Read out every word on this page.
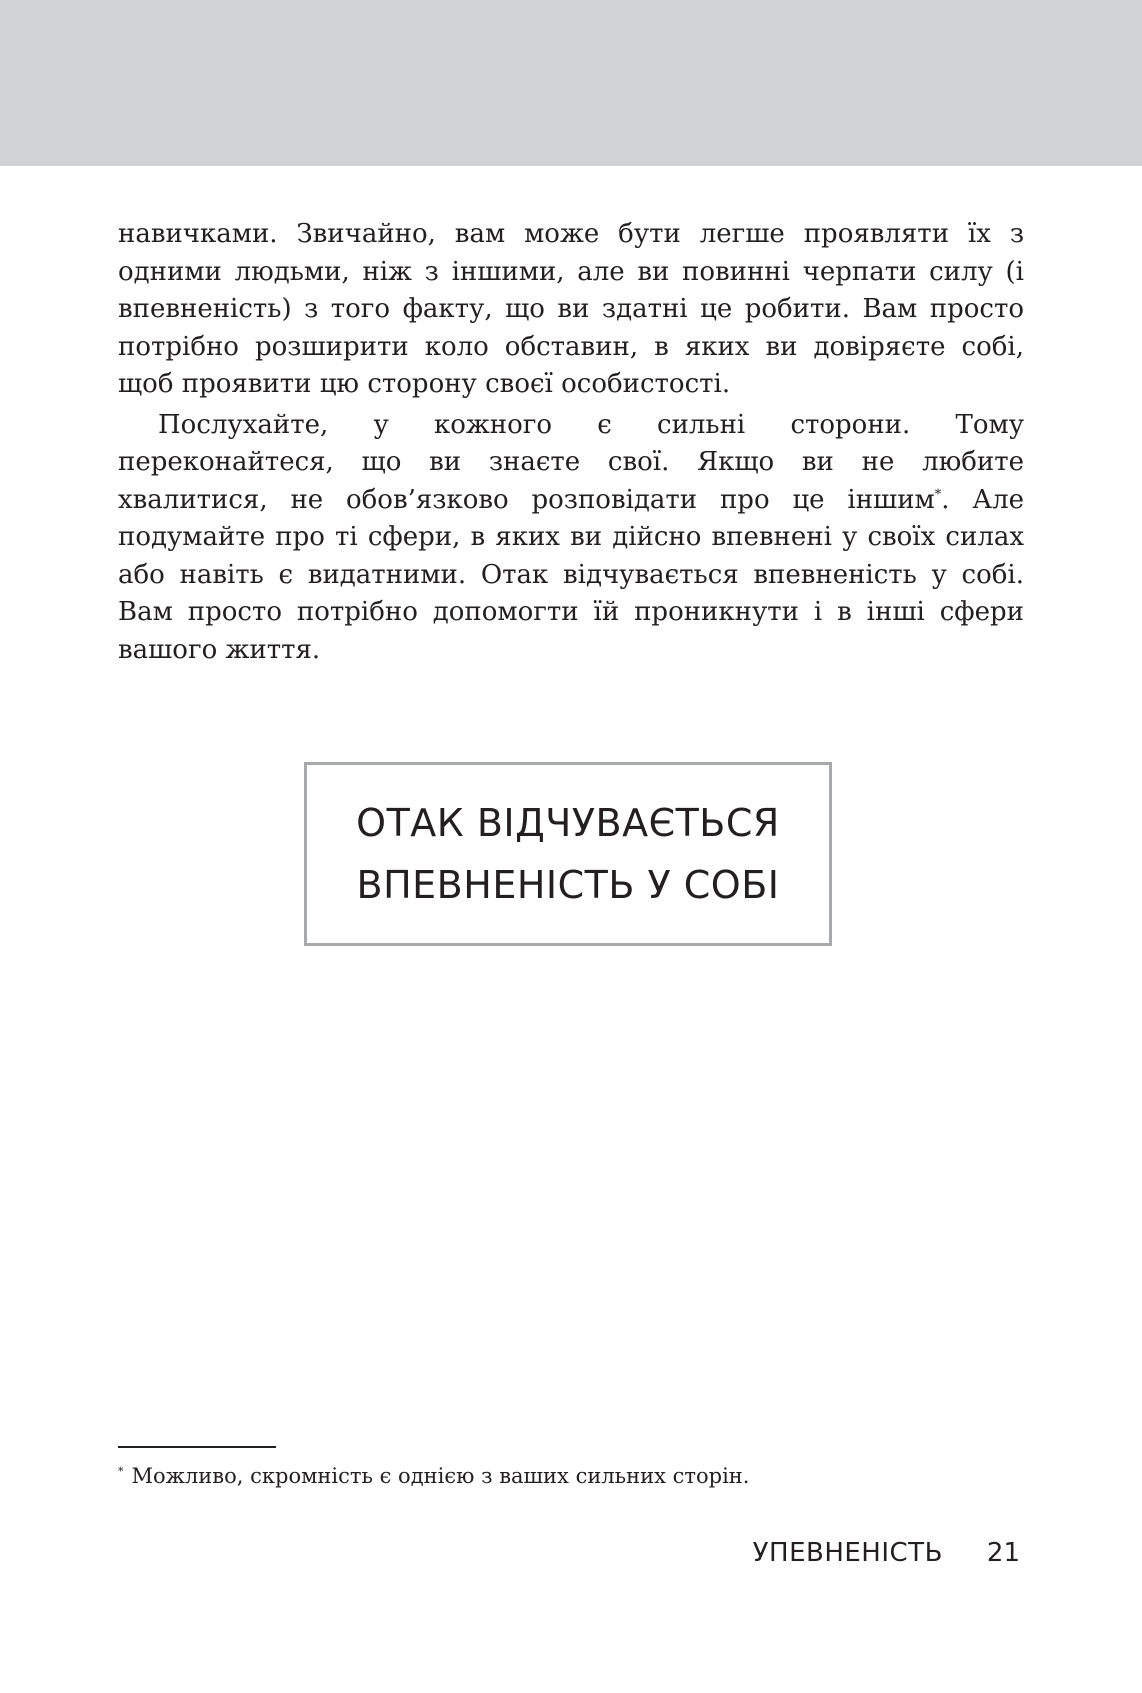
навичками. Звичайно, вам може бути легше проявляти їх з одними людьми, ніж з іншими, але ви повинні черпати силу (і впевненість) з того факту, що ви здатні це робити. Вам просто потрібно розширити коло обставин, в яких ви довіряєте собі, щоб проявити цю сторону своєї особистості.

Послухайте, у кожного є сильні сторони. Тому переконайтеся, що ви знаєте свої. Якщо ви не любите хвалитися, не обов’язково розповідати про це іншим*. Але подумайте про ті сфери, в яких ви дійсно впевнені у своїх силах або навіть є видатними. Отак відчувається впевненість у собі. Вам просто потрібно допомогти їй проникнути і в інші сфери вашого життя.

ОТАК ВІДЧУВАЄТЬСЯ
ВПЕВНЕНІСТЬ У СОБІ
* Можливо, скромність є однією з ваших сильних сторін.
УПЕВНЕНІСТЬ 21
